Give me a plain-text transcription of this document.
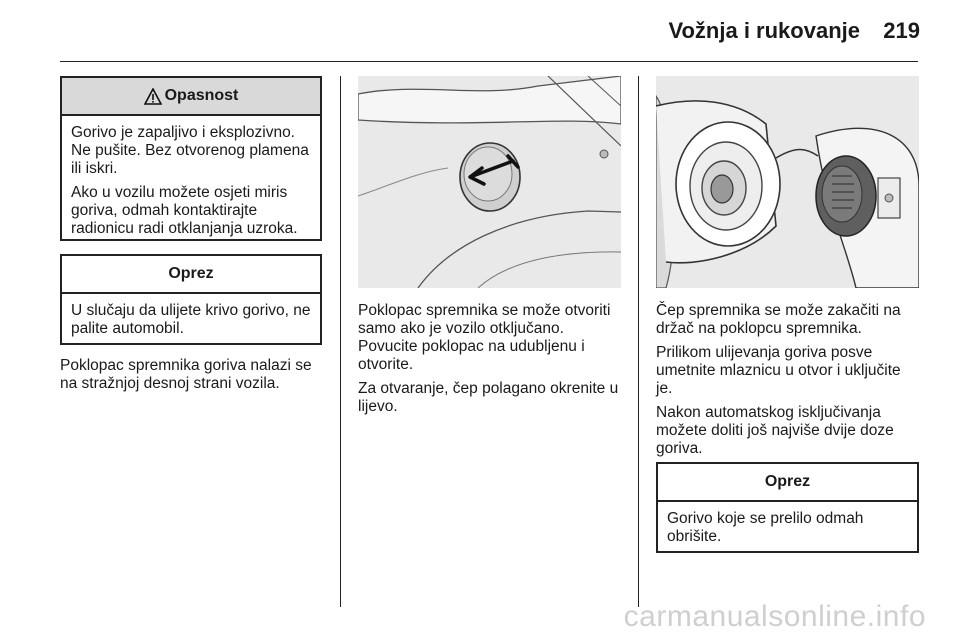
Vožnja i rukovanje	219
Opasnost

Gorivo je zapaljivo i eksplozivno. Ne pušite. Bez otvorenog plamena ili iskri.

Ako u vozilu možete osjeti miris goriva, odmah kontaktirajte radionicu radi otklanjanja uzroka.

Oprez
U slučaju da ulijete krivo gorivo, ne palite automobil.
Poklopac spremnika goriva nalazi se na stražnjoj desnoj strani vozila.

Poklopac spremnika se može otvoriti samo ako je vozilo otključano. Povucite poklopac na udubljenu i otvorite.

Za otvaranje, čep polagano okrenite u lijevo.

Čep spremnika se može zakačiti na držač na poklopcu spremnika.

Prilikom ulijevanja goriva posve umetnite mlaznicu u otvor i uključite je.

Nakon automatskog isključivanja možete doliti još najviše dvije doze goriva.

Oprez
Gorivo koje se prelilo odmah obrišite.
carmanualsonline.info
